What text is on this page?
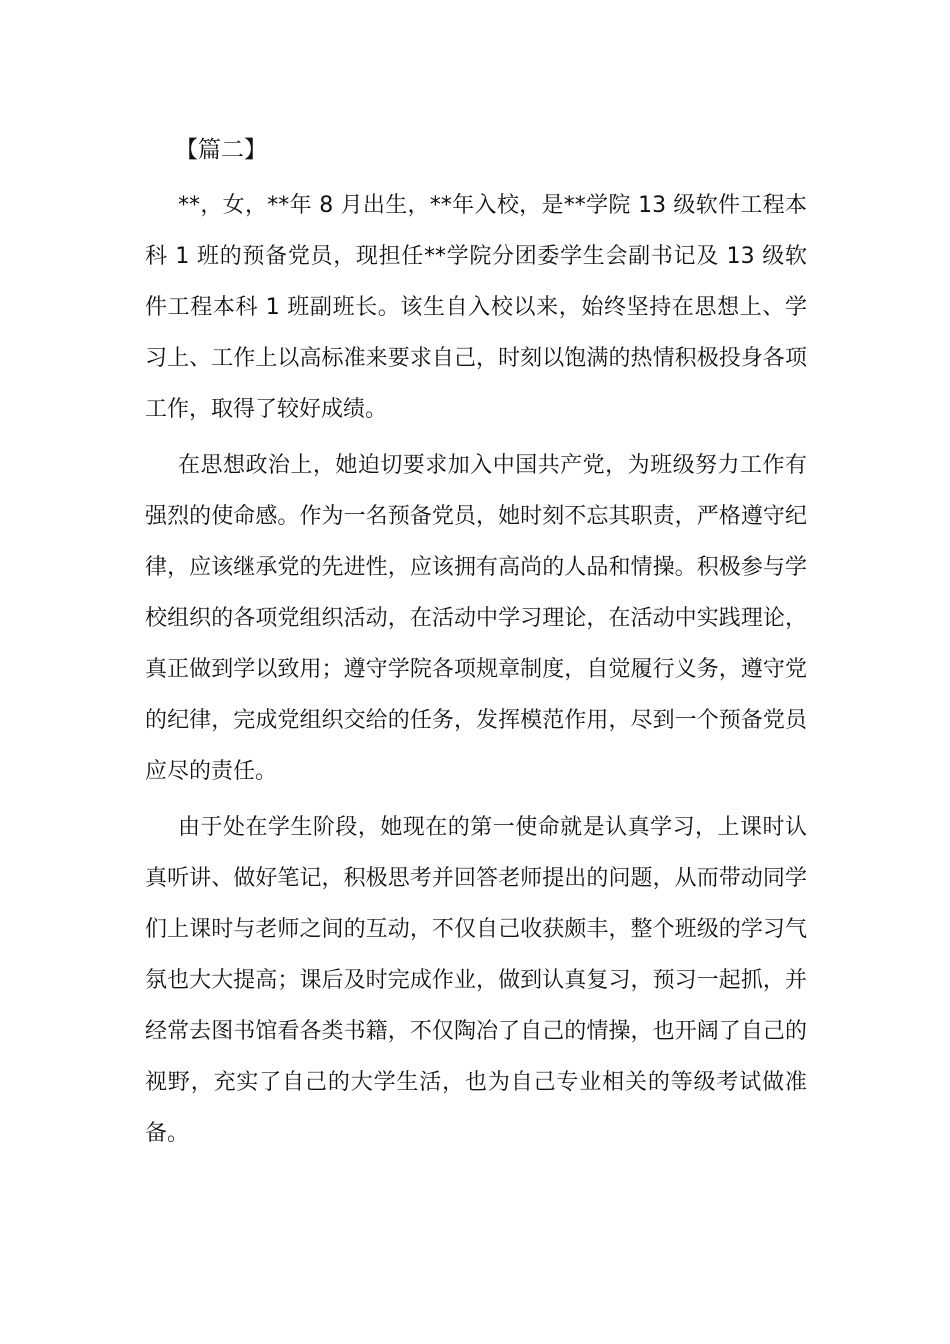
【篇二】

**，女，**年 8 月出生，**年入校，是**学院 13 级软件工程本科 1 班的预备党员，现担任**学院分团委学生会副书记及 13 级软件工程本科 1 班副班长。该生自入校以来，始终坚持在思想上、学习上、工作上以高标准来要求自己，时刻以饱满的热情积极投身各项工作，取得了较好成绩。

在思想政治上，她迫切要求加入中国共产党，为班级努力工作有强烈的使命感。作为一名预备党员，她时刻不忘其职责，严格遵守纪律，应该继承党的先进性，应该拥有高尚的人品和情操。积极参与学校组织的各项党组织活动，在活动中学习理论，在活动中实践理论，真正做到学以致用；遵守学院各项规章制度，自觉履行义务，遵守党的纪律，完成党组织交给的任务，发挥模范作用，尽到一个预备党员应尽的责任。

由于处在学生阶段，她现在的第一使命就是认真学习，上课时认真听讲、做好笔记，积极思考并回答老师提出的问题，从而带动同学们上课时与老师之间的互动，不仅自己收获颇丰，整个班级的学习气氛也大大提高；课后及时完成作业，做到认真复习，预习一起抓，并经常去图书馆看各类书籍，不仅陶冶了自己的情操，也开阔了自己的视野，充实了自己的大学生活，也为自己专业相关的等级考试做准备。
